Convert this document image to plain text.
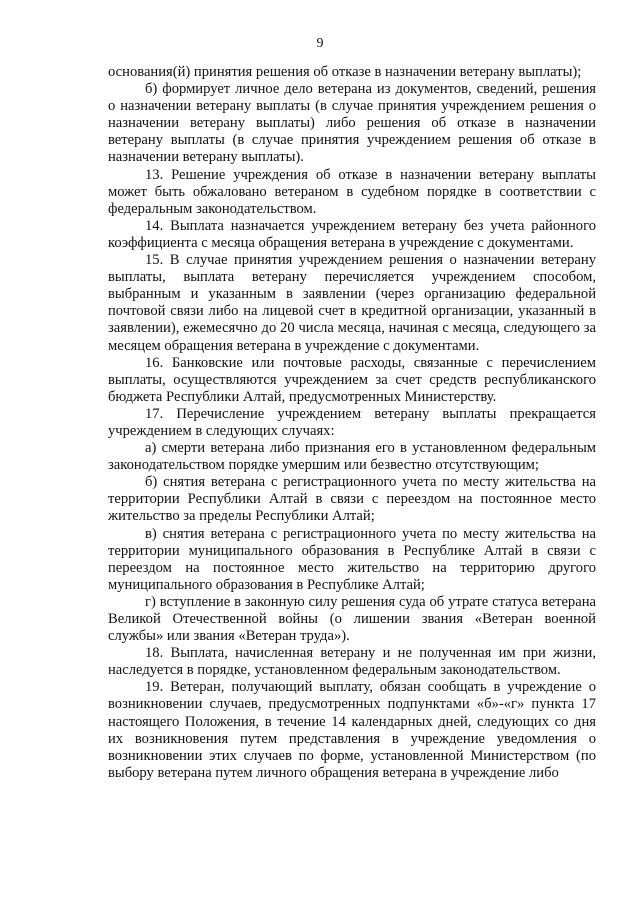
9

основания(й) принятия решения об отказе в назначении ветерану выплаты);

б) формирует личное дело ветерана из документов, сведений, решения о назначении ветерану выплаты (в случае принятия учреждением решения о назначении ветерану выплаты) либо решения об отказе в назначении ветерану выплаты (в случае принятия учреждением решения об отказе в назначении ветерану выплаты).

13. Решение учреждения об отказе в назначении ветерану выплаты может быть обжаловано ветераном в судебном порядке в соответствии с федеральным законодательством.

14. Выплата назначается учреждением ветерану без учета районного коэффициента с месяца обращения ветерана в учреждение с документами.

15. В случае принятия учреждением решения о назначении ветерану выплаты, выплата ветерану перечисляется учреждением способом, выбранным и указанным в заявлении (через организацию федеральной почтовой связи либо на лицевой счет в кредитной организации, указанный в заявлении), ежемесячно до 20 числа месяца, начиная с месяца, следующего за месяцем обращения ветерана в учреждение с документами.

16. Банковские или почтовые расходы, связанные с перечислением выплаты, осуществляются учреждением за счет средств республиканского бюджета Республики Алтай, предусмотренных Министерству.

17. Перечисление учреждением ветерану выплаты прекращается учреждением в следующих случаях:

а) смерти ветерана либо признания его в установленном федеральным законодательством порядке умершим или безвестно отсутствующим;

б) снятия ветерана с регистрационного учета по месту жительства на территории Республики Алтай в связи с переездом на постоянное место жительство за пределы Республики Алтай;

в) снятия ветерана с регистрационного учета по месту жительства на территории муниципального образования в Республике Алтай в связи с переездом на постоянное место жительство на территорию другого муниципального образования в Республике Алтай;

г) вступление в законную силу решения суда об утрате статуса ветерана Великой Отечественной войны (о лишении звания «Ветеран военной службы» или звания «Ветеран труда»).

18. Выплата, начисленная ветерану и не полученная им при жизни, наследуется в порядке, установленном федеральным законодательством.

19. Ветеран, получающий выплату, обязан сообщать в учреждение о возникновении случаев, предусмотренных подпунктами «б»-«г» пункта 17 настоящего Положения, в течение 14 календарных дней, следующих со дня их возникновения путем представления в учреждение уведомления о возникновении этих случаев по форме, установленной Министерством (по выбору ветерана путем личного обращения ветерана в учреждение либо
